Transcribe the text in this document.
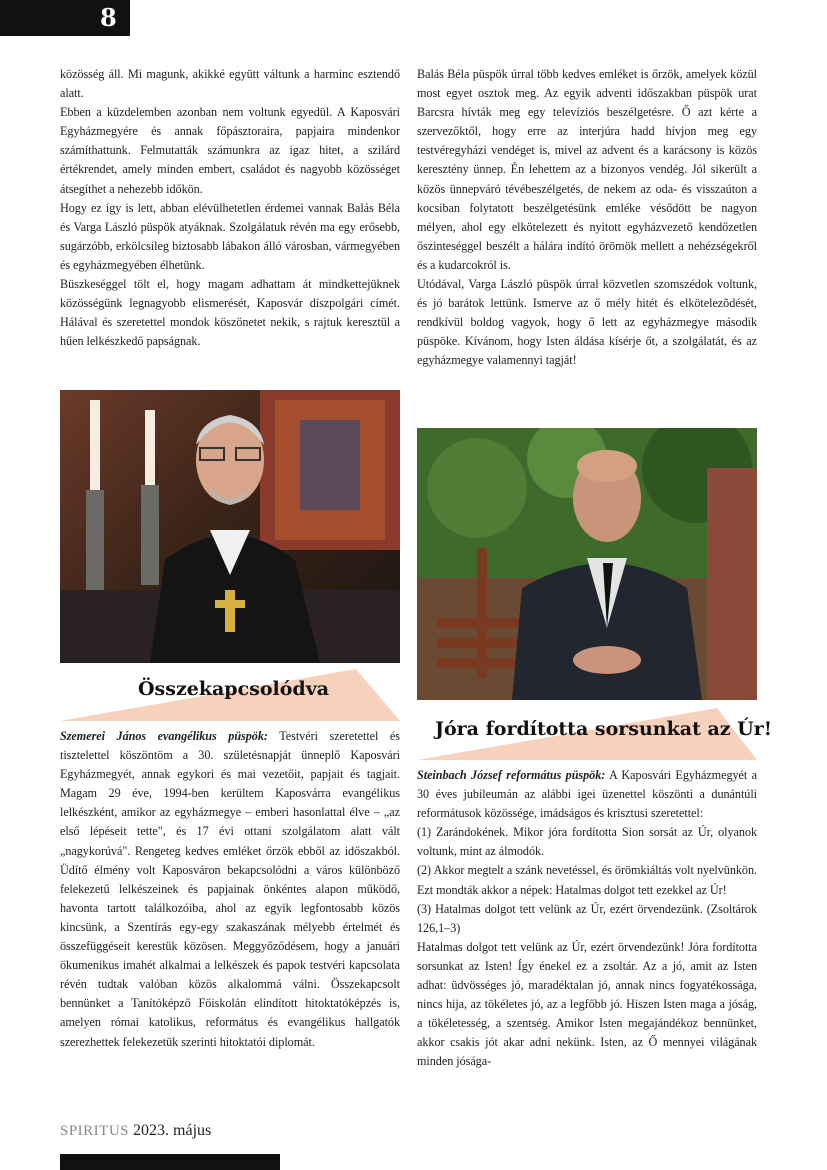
8

közösség áll. Mi magunk, akikké együtt váltunk a harminc esztendő alatt.

Ebben a küzdelemben azonban nem voltunk egyedül. A Kaposvári Egyházmegyére és annak főpásztoraira, papjaira mindenkor számíthattunk. Felmutatták számunkra az igaz hitet, a szilárd értékrendet, amely minden embert, családot és nagyobb közösséget átsegíthet a nehezebb időkön.

Hogy ez így is lett, abban elévülhetetlen érdemei vannak Balás Béla és Varga László püspök atyáknak. Szolgálatuk révén ma egy erősebb, sugárzóbb, erkölcsileg biztosabb lábakon álló városban, vármegyében és egyházmegyében élhetünk.

Büszkeséggel tölt el, hogy magam adhattam át mindkettejüknek közösségünk legnagyobb elismerését, Kaposvár díszpolgári címét. Hálával és szeretettel mondok köszönetet nekik, s rajtuk keresztül a hűen lelkészkedő papságnak.

Balás Béla püspök úrral több kedves emléket is őrzök, amelyek közül most egyet osztok meg. Az egyik adventi időszakban püspök urat Barcsra hívták meg egy televíziós beszélgetésre. Ő azt kérte a szervezőktől, hogy erre az interjúra hadd hívjon meg egy testvéregyházi vendéget is, mivel az advent és a karácsony is közös keresztény ünnep. Én lehettem az a bizonyos vendég. Jól sikerült a közös ünnepváró tévébeszélgetés, de nekem az oda- és visszaúton a kocsiban folytatott beszélgetésünk emléke vésődött be nagyon mélyen, ahol egy elkötelezett és nyitott egyházvezető kendőzetlen őszinteséggel beszélt a hálára indító örömök mellett a nehézségekről és a kudarcokról is.

Utódával, Varga László püspök úrral közvetlen szomszédok voltunk, és jó barátok lettünk. Ismerve az ő mély hitét és elkötelezõdését, rendkívül boldog vagyok, hogy ő lett az egyházmegye második püspöke. Kívánom, hogy Isten áldása kísérje őt, a szolgálatát, és az egyházmegye valamennyi tagját!

Összekapcsolódva

Szemerei János evangélikus püspök: Testvéri szeretettel és tisztelettel köszöntöm a 30. születésnapját ünneplő Kaposvári Egyházmegyét, annak egykori és mai vezetőit, papjait és tagjait. Magam 29 éve, 1994-ben kerültem Kaposvárra evangélikus lelkészként, amikor az egyházmegye – emberi hasonlattal élve – „az első lépéseit tette", és 17 évi ottani szolgálatom alatt vált „nagykorúvá". Rengeteg kedves emléket őrzök ebből az időszakból. Üdítő élmény volt Kaposváron bekapcsolódni a város különböző felekezetű lelkészeinek és papjainak önkéntes alapon működő, havonta tartott találkozóiba, ahol az egyik legfontosabb közös kincsünk, a Szentírás egy-egy szakaszának mélyebb értelmét és összefüggéseit kerestük közösen. Meggyőződésem, hogy a januári ökumenikus imahét alkalmai a lelkészek és papok testvéri kapcsolata révén tudtak valóban közös alkalommá válni. Összekapcsolt bennünket a Tanítóképző Főiskolán elindított hitoktatóképzés is, amelyen római katolikus, református és evangélikus hallgatók szerezhettek felekezetük szerinti hitoktatói diplomát.

Jóra fordította sorsunkat az Úr!

Steinbach József református püspök: A Kaposvári Egyházmegyét a 30 éves jubileumán az alábbi igei üzenettel köszönti a dunántúli reformátusok közössége, imádságos és krisztusi szeretettel:

(1) Zarándokének. Mikor jóra fordította Sion sorsát az Úr, olyanok voltunk, mint az álmodók.

(2) Akkor megtelt a szánk nevetéssel, és örömkiáltás volt nyelvünkön. Ezt mondták akkor a népek: Hatalmas dolgot tett ezekkel az Úr!

(3) Hatalmas dolgot tett velünk az Úr, ezért örvendezünk. (Zsoltárok 126,1–3)

Hatalmas dolgot tett velünk az Úr, ezért örvendezünk! Jóra fordította sorsunkat az Isten! Így énekel ez a zsoltár. Az a jó, amit az Isten adhat: üdvösséges jó, maradéktalan jó, annak nincs fogyatékossága, nincs hija, az tökéletes jó, az a legfőbb jó. Hiszen Isten maga a jóság, a tökéletesség, a szentség. Amikor Isten megajándékoz bennünket, akkor csakis jót akar adni nekünk. Isten, az Ő mennyei világának minden jósága-

SPIRITUS 2023. május
